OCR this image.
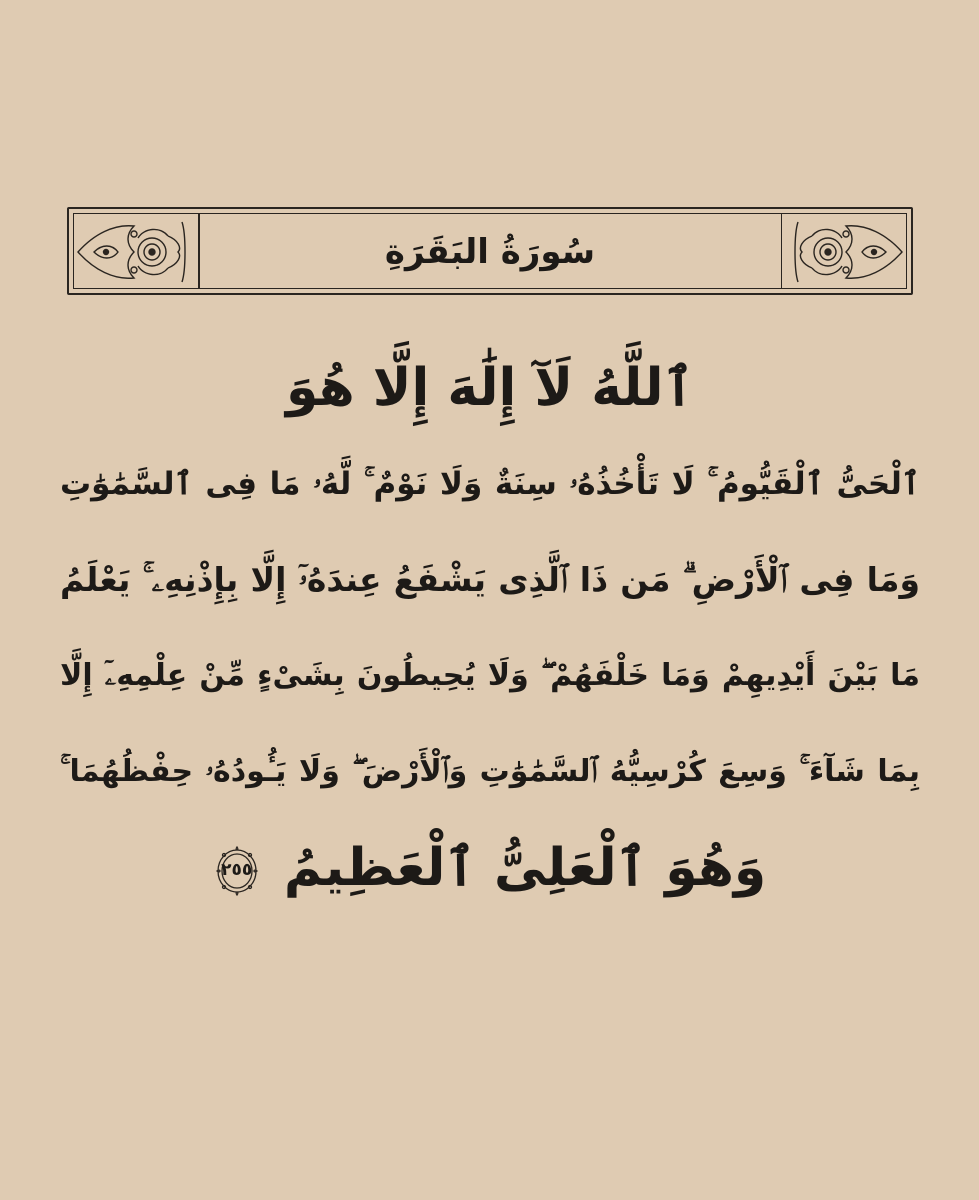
سُورَةُ البَقَرَةِ
ٱللَّهُ لَآ إِلَٰهَ إِلَّا هُوَ
ٱلْحَىُّ ٱلْقَيُّومُ ۚ لَا تَأْخُذُهُۥ سِنَةٌ وَلَا نَوْمٌ ۚ لَّهُۥ مَا فِى ٱلسَّمَٰوَٰتِ
وَمَا فِى ٱلْأَرْضِ ۗ مَن ذَا ٱلَّذِى يَشْفَعُ عِندَهُۥٓ إِلَّا بِإِذْنِهِۦ ۚ يَعْلَمُ
مَا بَيْنَ أَيْدِيهِمْ وَمَا خَلْفَهُمْ ۖ وَلَا يُحِيطُونَ بِشَىْءٍ مِّنْ عِلْمِهِۦٓ إِلَّا
بِمَا شَآءَ ۚ وَسِعَ كُرْسِيُّهُ ٱلسَّمَٰوَٰتِ وَٱلْأَرْضَ ۖ وَلَا يَـُٔودُهُۥ حِفْظُهُمَا ۚ
وَهُوَ ٱلْعَلِىُّ ٱلْعَظِيمُ
٢٥٥
